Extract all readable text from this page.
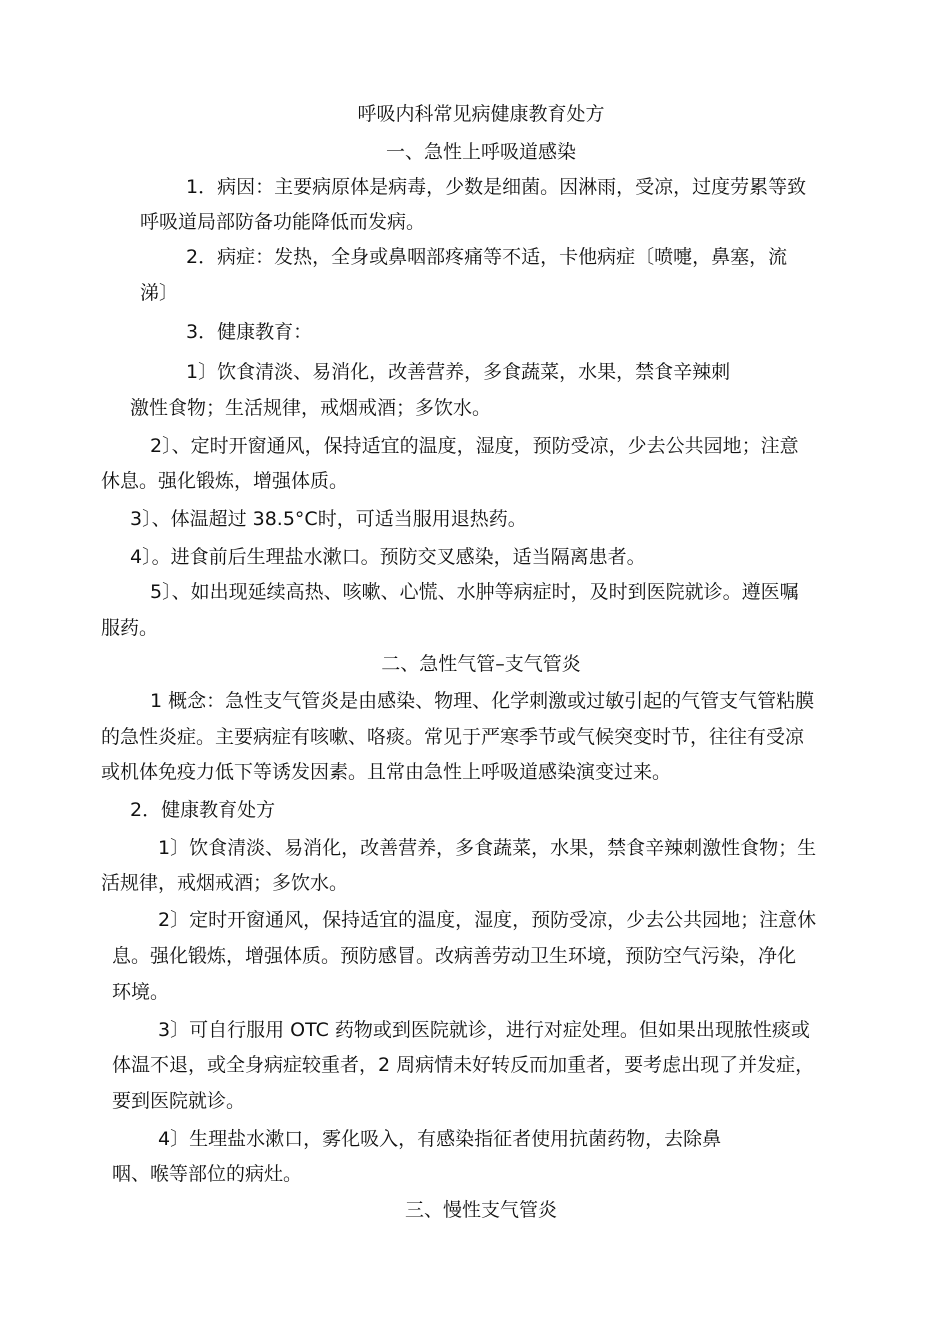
呼吸内科常见病健康教育处方
一、急性上呼吸道感染
1．病因：主要病原体是病毒，少数是细菌。因淋雨，受凉，过度劳累等致
呼吸道局部防备功能降低而发病。
2．病症：发热，全身或鼻咽部疼痛等不适，卡他病症〔喷嚏，鼻塞，流
涕〕
3．健康教育：
1〕饮食清淡、易消化，改善营养，多食蔬菜，水果，禁食辛辣刺
激性食物；生活规律，戒烟戒酒；多饮水。
2〕、定时开窗通风，保持适宜的温度，湿度，预防受凉，少去公共园地；注意
休息。强化锻炼，增强体质。
3〕、体温超过 38.5°C时，可适当服用退热药。
4〕。进食前后生理盐水漱口。预防交叉感染，适当隔离患者。
5〕、如出现延续高热、咳嗽、心慌、水肿等病症时，及时到医院就诊。遵医嘱
服药。
二、急性气管–支气管炎
1 概念：急性支气管炎是由感染、物理、化学刺激或过敏引起的气管支气管粘膜
的急性炎症。主要病症有咳嗽、咯痰。常见于严寒季节或气候突变时节，往往有受凉
或机体免疫力低下等诱发因素。且常由急性上呼吸道感染演变过来。
2．健康教育处方
1〕饮食清淡、易消化，改善营养，多食蔬菜，水果，禁食辛辣刺激性食物；生
活规律，戒烟戒酒；多饮水。
2〕定时开窗通风，保持适宜的温度，湿度，预防受凉，少去公共园地；注意休
息。强化锻炼，增强体质。预防感冒。改病善劳动卫生环境，预防空气污染，净化
环境。
3〕可自行服用 OTC 药物或到医院就诊，进行对症处理。但如果出现脓性痰或
体温不退，或全身病症较重者，2 周病情未好转反而加重者，要考虑出现了并发症，
要到医院就诊。
4〕生理盐水漱口，雾化吸入，有感染指征者使用抗菌药物，去除鼻
咽、喉等部位的病灶。
三、慢性支气管炎
